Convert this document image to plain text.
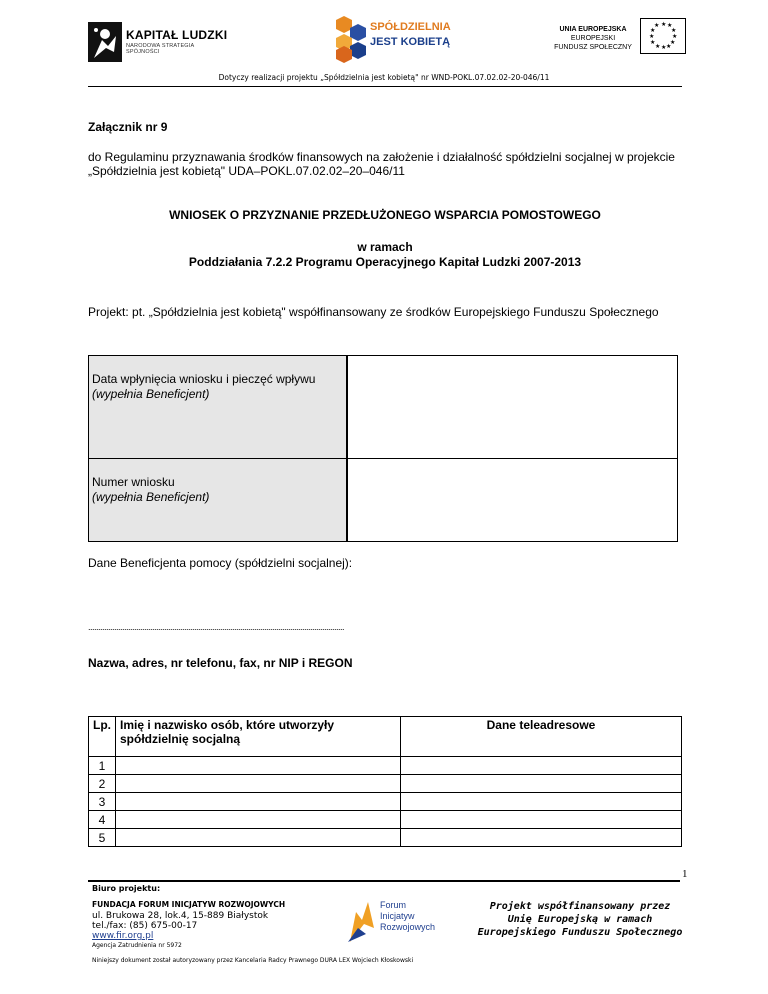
KAPITAŁ LUDZKI
NARODOWA STRATEGIA SPÓJNOŚCI
SPÓŁDZIELNIA
JEST KOBIETĄ
UNIA EUROPEJSKA
EUROPEJSKI
FUNDUSZ SPOŁECZNY
★ ★
★
★
★
★
★
★
★
★
★
★
Dotyczy realizacji projektu „Spółdzielnia jest kobietą" nr WND-POKL.07.02.02-20-046/11
Załącznik nr 9
do Regulaminu przyznawania środków finansowych na założenie i działalność spółdzielni socjalnej w projekcie
„Spółdzielnia jest kobietą" UDA–POKL.07.02.02–20–046/11
WNIOSEK O PRZYZNANIE PRZEDŁUŻONEGO WSPARCIA POMOSTOWEGO
w ramach
Poddziałania 7.2.2 Programu Operacyjnego Kapitał Ludzki 2007-2013
Projekt: pt. „Spółdzielnia jest kobietą" współfinansowany ze środków Europejskiego Funduszu Społecznego
Data wpłynięcia wniosku i pieczęć wpływu
(wypełnia Beneficjent)
Numer wniosku
(wypełnia Beneficjent)
Dane Beneficjenta pomocy (spółdzielni socjalnej):
................................................................................................................................
Nazwa, adres, nr telefonu, fax, nr NIP i REGON
Lp.	Imię i nazwisko osób, które utworzyły
spółdzielnię socjalną	Dane teleadresowe
1		
2		
3		
4		
5		
1
Biuro projektu:
FUNDACJA FORUM INICJATYW ROZWOJOWYCH
ul. Brukowa 28, lok.4, 15-889 Białystok
tel./fax: (85) 675-00-17
www.fir.org.pl
Agencja Zatrudnienia nr 5972
Niniejszy dokument został autoryzowany przez Kancelaria Radcy Prawnego DURA LEX Wojciech Kłoskowski
Forum
Inicjatyw
Rozwojowych
Projekt współfinansowany przez
Unię Europejską w ramach
Europejskiego Funduszu Społecznego
